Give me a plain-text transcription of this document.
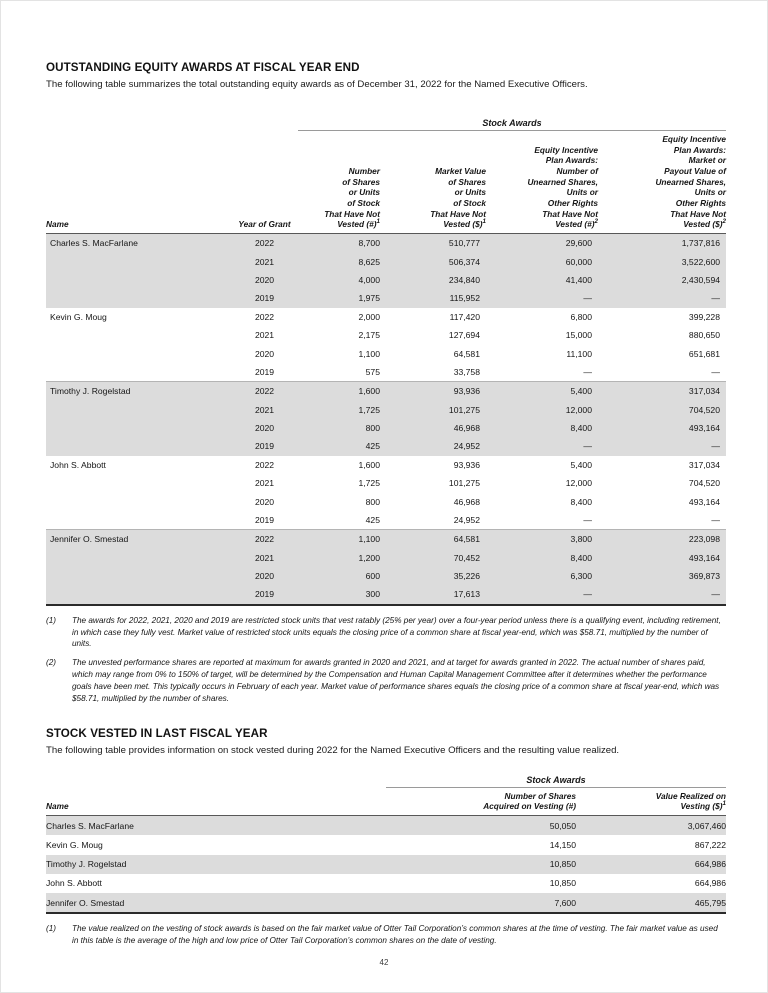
OUTSTANDING EQUITY AWARDS AT FISCAL YEAR END

The following table summarizes the total outstanding equity awards as of December 31, 2022 for the Named Executive Officers.

		Stock Awards			
Name	Year of Grant	Number
of Shares
or Units
of Stock
That Have Not
Vested (#)$^1$	Market Value
of Shares
or Units
of Stock
That Have Not
Vested ($)$^1$	Equity Incentive
Plan Awards:
Number of
Unearned Shares,
Units or
Other Rights
That Have Not
Vested (#)$^2$	Equity Incentive
Plan Awards:
Market or
Payout Value of
Unearned Shares,
Units or
Other Rights
That Have Not
Vested ($)$^2$
Charles S. MacFarlane	2022	8,700	510,777	29,600	1,737,816
	2021	8,625	506,374	60,000	3,522,600
	2020	4,000	234,840	41,400	2,430,594
	2019	1,975	115,952	—	—
Kevin G. Moug	2022	2,000	117,420	6,800	399,228
	2021	2,175	127,694	15,000	880,650
	2020	1,100	64,581	11,100	651,681
	2019	575	33,758	—	—
Timothy J. Rogelstad	2022	1,600	93,936	5,400	317,034
	2021	1,725	101,275	12,000	704,520
	2020	800	46,968	8,400	493,164
	2019	425	24,952	—	—
John S. Abbott	2022	1,600	93,936	5,400	317,034
	2021	1,725	101,275	12,000	704,520
	2020	800	46,968	8,400	493,164
	2019	425	24,952	—	—
Jennifer O. Smestad	2022	1,100	64,581	3,800	223,098
	2021	1,200	70,452	8,400	493,164
	2020	600	35,226	6,300	369,873
	2019	300	17,613	—	—
(1)	The awards for 2022, 2021, 2020 and 2019 are restricted stock units that vest ratably (25% per year) over a four-year period unless there is a qualifying event, including retirement, in which case they fully vest. Market value of restricted stock units equals the closing price of a common share at fiscal year-end, which was $58.71, multiplied by the number of units.
(2)	The unvested performance shares are reported at maximum for awards granted in 2020 and 2021, and at target for awards granted in 2022. The actual number of shares paid, which may range from 0% to 150% of target, will be determined by the Compensation and Human Capital Management Committee after it determines whether the performance goals have been met. This typically occurs in February of each year. Market value of performance shares equals the closing price of a common share at fiscal year-end, which was $58.71, multiplied by the number of shares.
STOCK VESTED IN LAST FISCAL YEAR

The following table provides information on stock vested during 2022 for the Named Executive Officers and the resulting value realized.

	Stock Awards	
Name	Number of Shares
Acquired on Vesting (#)	Value Realized on
Vesting ($)$^1$
Charles S. MacFarlane	50,050	3,067,460
Kevin G. Moug	14,150	867,222
Timothy J. Rogelstad	10,850	664,986
John S. Abbott	10,850	664,986
Jennifer O. Smestad	7,600	465,795
(1)	The value realized on the vesting of stock awards is based on the fair market value of Otter Tail Corporation’s common shares at the time of vesting. The fair market value as used in this table is the average of the high and low price of Otter Tail Corporation’s common shares on the date of vesting.
42
